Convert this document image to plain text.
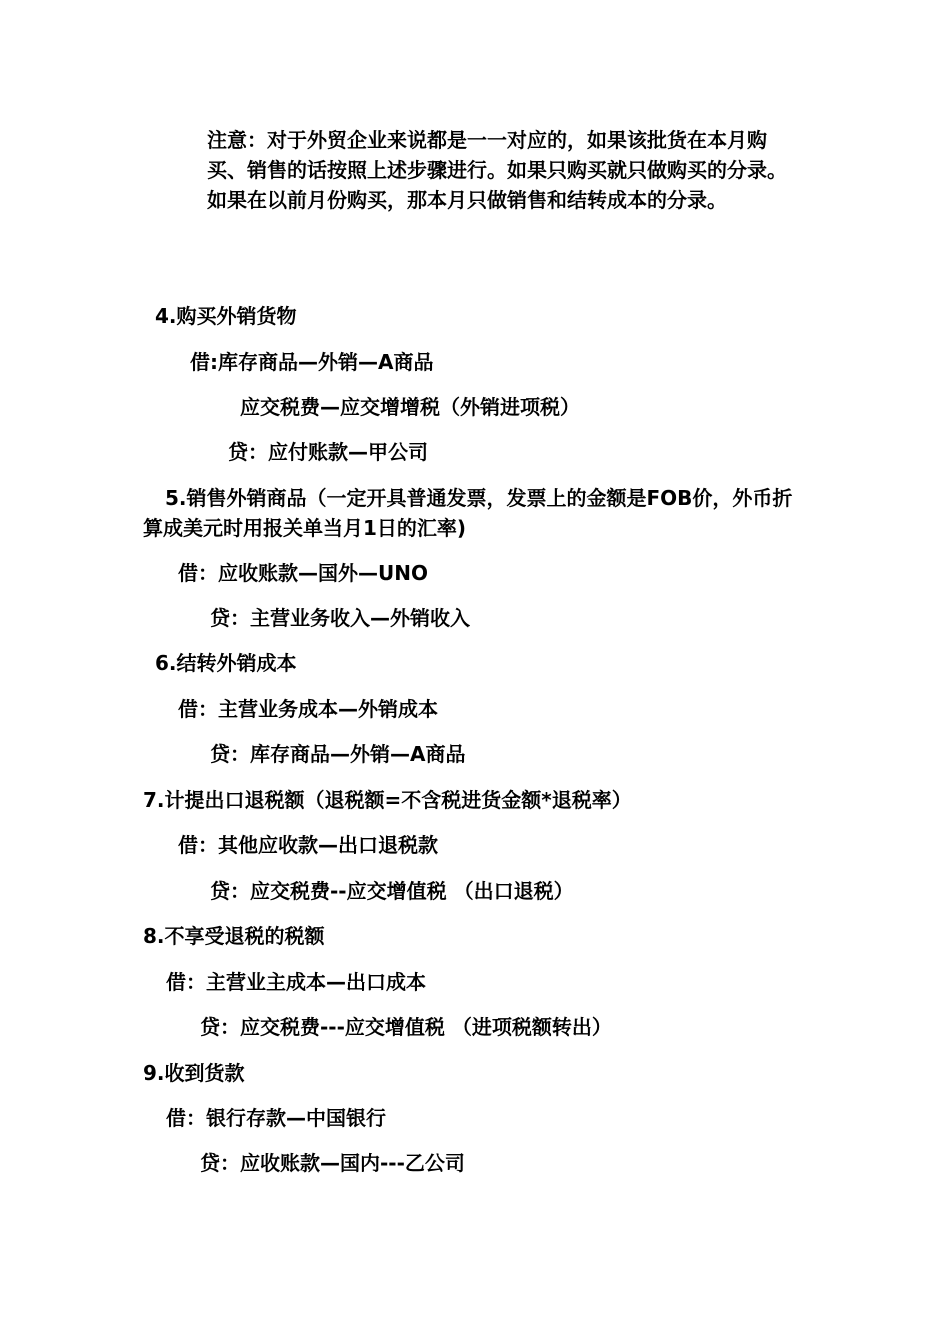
注意：对于外贸企业来说都是一一对应的，如果该批货在本月购买、销售的话按照上述步骤进行。如果只购买就只做购买的分录。如果在以前月份购买，那本月只做销售和结转成本的分录。
4.购买外销货物
借:库存商品—外销—A商品
应交税费—应交增增税（外销进项税）
贷：应付账款—甲公司
5.销售外销商品（一定开具普通发票，发票上的金额是FOB价，外币折算成美元时用报关单当月1日的汇率)
借：应收账款—国外—UNO
贷：主营业务收入—外销收入
6.结转外销成本
借：主营业务成本—外销成本
贷：库存商品—外销—A商品
7.计提出口退税额（退税额=不含税进货金额*退税率）
借：其他应收款—出口退税款
贷：应交税费--应交增值税 （出口退税）
8.不享受退税的税额
借：主营业主成本—出口成本
贷：应交税费---应交增值税 （进项税额转出）
9.收到货款
借：银行存款—中国银行
贷：应收账款—国内---乙公司
